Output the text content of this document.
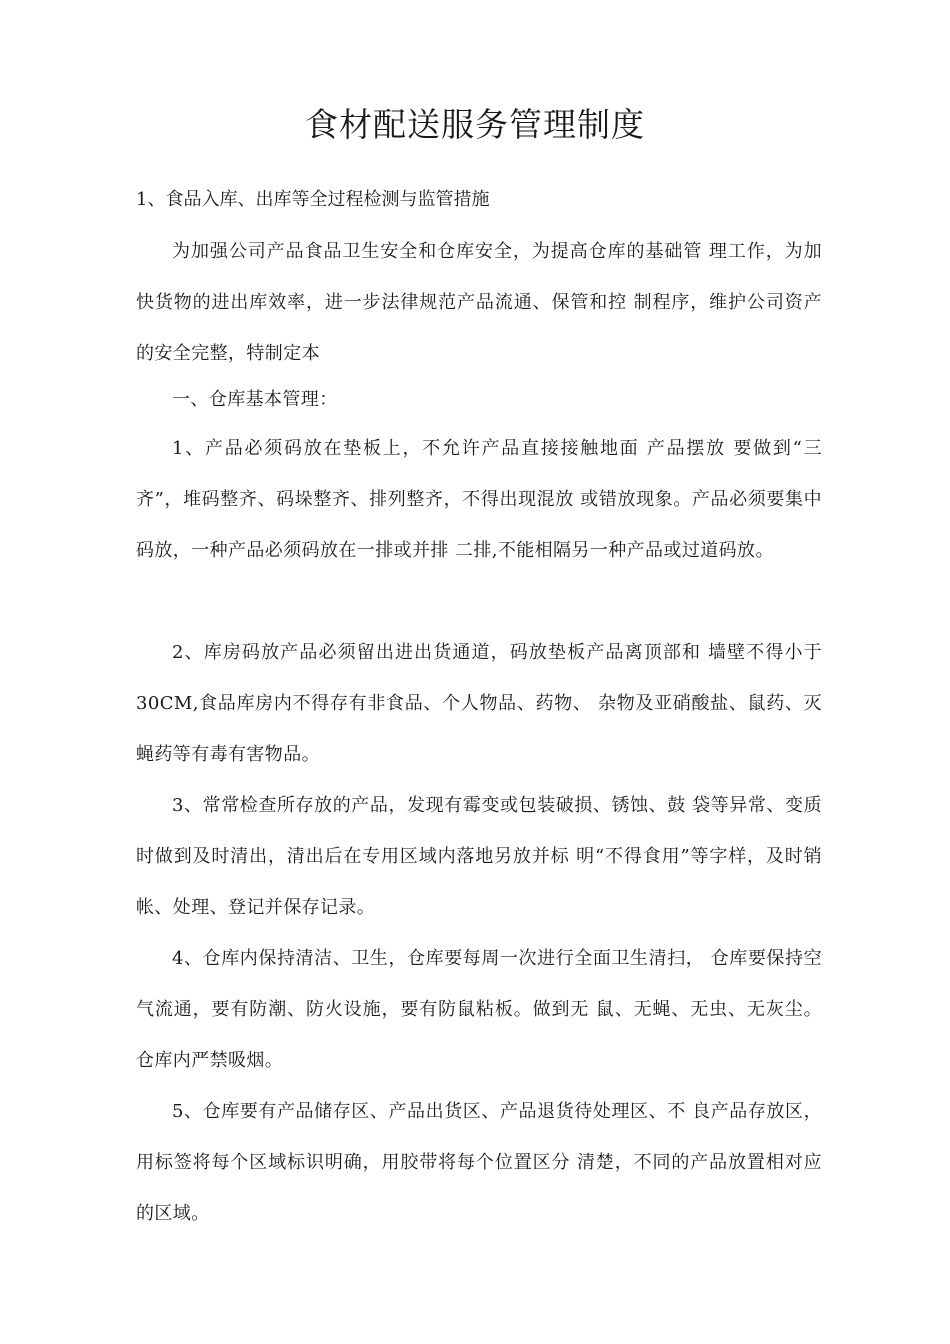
食材配送服务管理制度

1、食品入库、出库等全过程检测与监管措施

为加强公司产品食品卫生安全和仓库安全，为提高仓库的基础管 理工作，为加快货物的进出库效率，进一步法律规范产品流通、保管和控 制程序，维护公司资产的安全完整，特制定本

一、仓库基本管理：

1、产品必须码放在垫板上，不允许产品直接接触地面 产品摆放 要做到“三齐”，堆码整齐、码垛整齐、排列整齐，不得出现混放 或错放现象。产品必须要集中码放，一种产品必须码放在一排或并排 二排,不能相隔另一种产品或过道码放。

2、库房码放产品必须留出进出货通道，码放垫板产品离顶部和 墙壁不得小于30CM,食品库房内不得存有非食品、个人物品、药物、 杂物及亚硝酸盐、鼠药、灭蝇药等有毒有害物品。

3、常常检查所存放的产品，发现有霉变或包装破损、锈蚀、鼓 袋等异常、变质时做到及时清出，清出后在专用区域内落地另放并标 明“不得食用”等字样，及时销帐、处理、登记并保存记录。

4、仓库内保持清洁、卫生，仓库要每周一次进行全面卫生清扫， 仓库要保持空气流通，要有防潮、防火设施，要有防鼠粘板。做到无 鼠、无蝇、无虫、无灰尘。仓库内严禁吸烟。

5、仓库要有产品储存区、产品出货区、产品退货待处理区、不 良产品存放区，用标签将每个区域标识明确，用胶带将每个位置区分 清楚，不同的产品放置相对应的区域。
